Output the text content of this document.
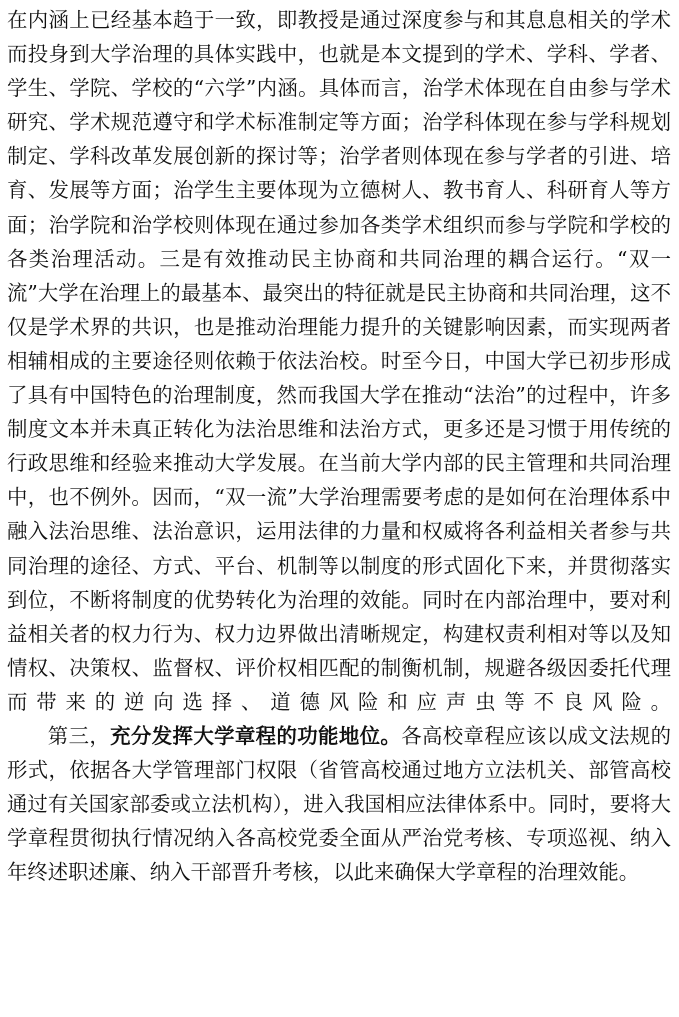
在内涵上已经基本趋于一致，即教授是通过深度参与和其息息相关的学术而投身到大学治理的具体实践中，也就是本文提到的学术、学科、学者、学生、学院、学校的“六学”内涵。具体而言，治学术体现在自由参与学术研究、学术规范遵守和学术标准制定等方面；治学科体现在参与学科规划制定、学科改革发展创新的探讨等；治学者则体现在参与学者的引进、培育、发展等方面；治学生主要体现为立德树人、教书育人、科研育人等方面；治学院和治学校则体现在通过参加各类学术组织而参与学院和学校的各类治理活动。三是有效推动民主协商和共同治理的耦合运行。“双一流”大学在治理上的最基本、最突出的特征就是民主协商和共同治理，这不仅是学术界的共识，也是推动治理能力提升的关键影响因素，而实现两者相辅相成的主要途径则依赖于依法治校。时至今日，中国大学已初步形成了具有中国特色的治理制度，然而我国大学在推动“法治”的过程中，许多制度文本并未真正转化为法治思维和法治方式，更多还是习惯于用传统的行政思维和经验来推动大学发展。在当前大学内部的民主管理和共同治理中，也不例外。因而，“双一流”大学治理需要考虑的是如何在治理体系中融入法治思维、法治意识，运用法律的力量和权威将各利益相关者参与共同治理的途径、方式、平台、机制等以制度的形式固化下来，并贯彻落实到位，不断将制度的优势转化为治理的效能。同时在内部治理中，要对利益相关者的权力行为、权力边界做出清晰规定，构建权责利相对等以及知情权、决策权、监督权、评价权相匹配的制衡机制，规避各级因委托代理而带来的逆向选择、道德风险和应声虫等不良风险。

第三，充分发挥大学章程的功能地位。各高校章程应该以成文法规的形式，依据各大学管理部门权限（省管高校通过地方立法机关、部管高校通过有关国家部委或立法机构），进入我国相应法律体系中。同时，要将大学章程贯彻执行情况纳入各高校党委全面从严治党考核、专项巡视、纳入年终述职述廉、纳入干部晋升考核，以此来确保大学章程的治理效能。
